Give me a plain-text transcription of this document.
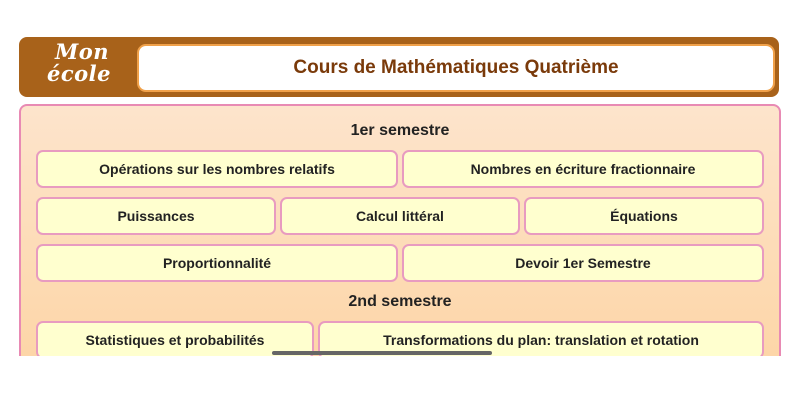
Mon
école	Cours de Mathématiques Quatrième
1er semestre
Opérations sur les nombres relatifs	Nombres en écriture fractionnaire
Puissances	Calcul littéral	Équations
Proportionnalité	Devoir 1er Semestre
2nd semestre
Statistiques et probabilités	Transformations du plan: translation et rotation
